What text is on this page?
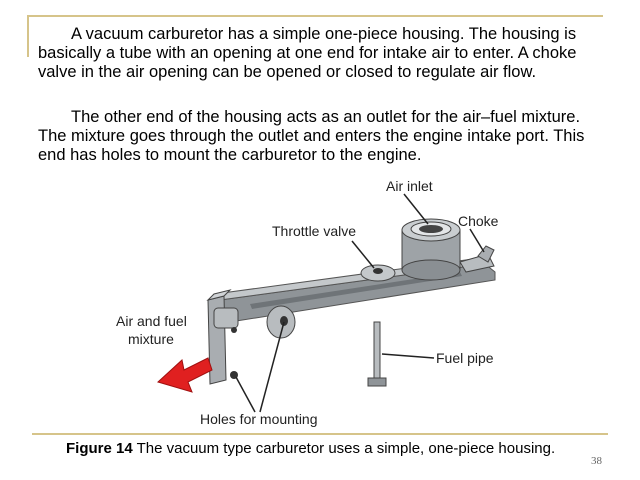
A vacuum carburetor has a simple one-piece housing. The housing is basically a tube with an opening at one end for intake air to enter. A choke valve in the air opening can be opened or closed to regulate air flow.

The other end of the housing acts as an outlet for the air–fuel mixture. The mixture goes through the outlet and enters the engine intake port. This end has holes to mount the carburetor to the engine.

Air inlet
Choke
Throttle valve
Air and fuel
mixture
Fuel pipe
Holes for mounting

Figure 14 The vacuum type carburetor uses a simple, one-piece housing.

38
